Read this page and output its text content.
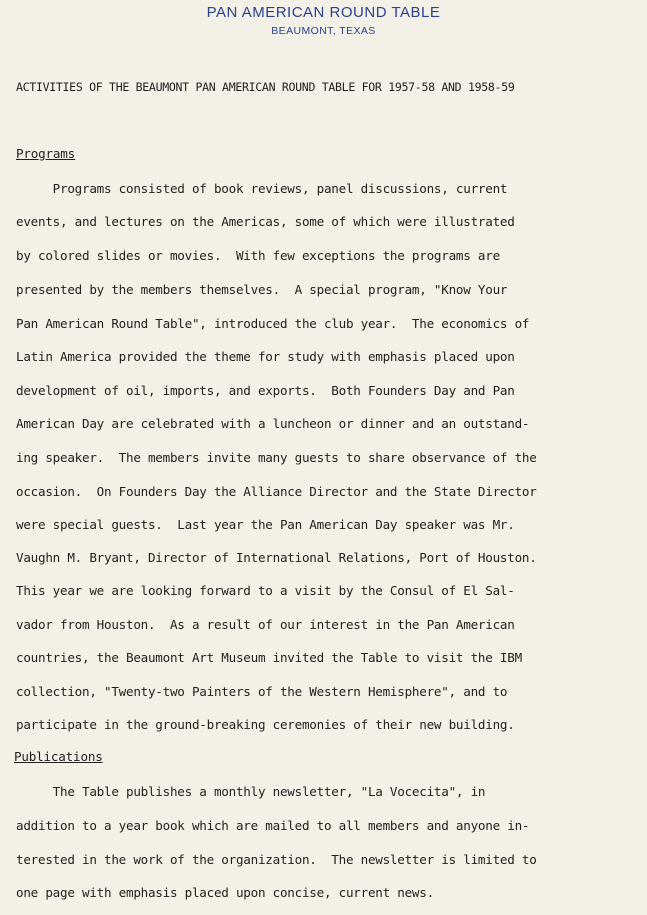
PAN AMERICAN ROUND TABLE
BEAUMONT, TEXAS
ACTIVITIES OF THE BEAUMONT PAN AMERICAN ROUND TABLE FOR 1957-58 AND 1958-59
Programs
Programs consisted of book reviews, panel discussions, current
events, and lectures on the Americas, some of which were illustrated
by colored slides or movies.  With few exceptions the programs are
presented by the members themselves.  A special program, "Know Your
Pan American Round Table", introduced the club year.  The economics of
Latin America provided the theme for study with emphasis placed upon
development of oil, imports, and exports.  Both Founders Day and Pan
American Day are celebrated with a luncheon or dinner and an outstand-
ing speaker.  The members invite many guests to share observance of the
occasion.  On Founders Day the Alliance Director and the State Director
were special guests.  Last year the Pan American Day speaker was Mr.
Vaughn M. Bryant, Director of International Relations, Port of Houston.
This year we are looking forward to a visit by the Consul of El Sal-
vador from Houston.  As a result of our interest in the Pan American
countries, the Beaumont Art Museum invited the Table to visit the IBM
collection, "Twenty-two Painters of the Western Hemisphere", and to
participate in the ground-breaking ceremonies of their new building.
Publications
The Table publishes a monthly newsletter, "La Vocecita", in
addition to a year book which are mailed to all members and anyone in-
terested in the work of the organization.  The newsletter is limited to
one page with emphasis placed upon concise, current news.
